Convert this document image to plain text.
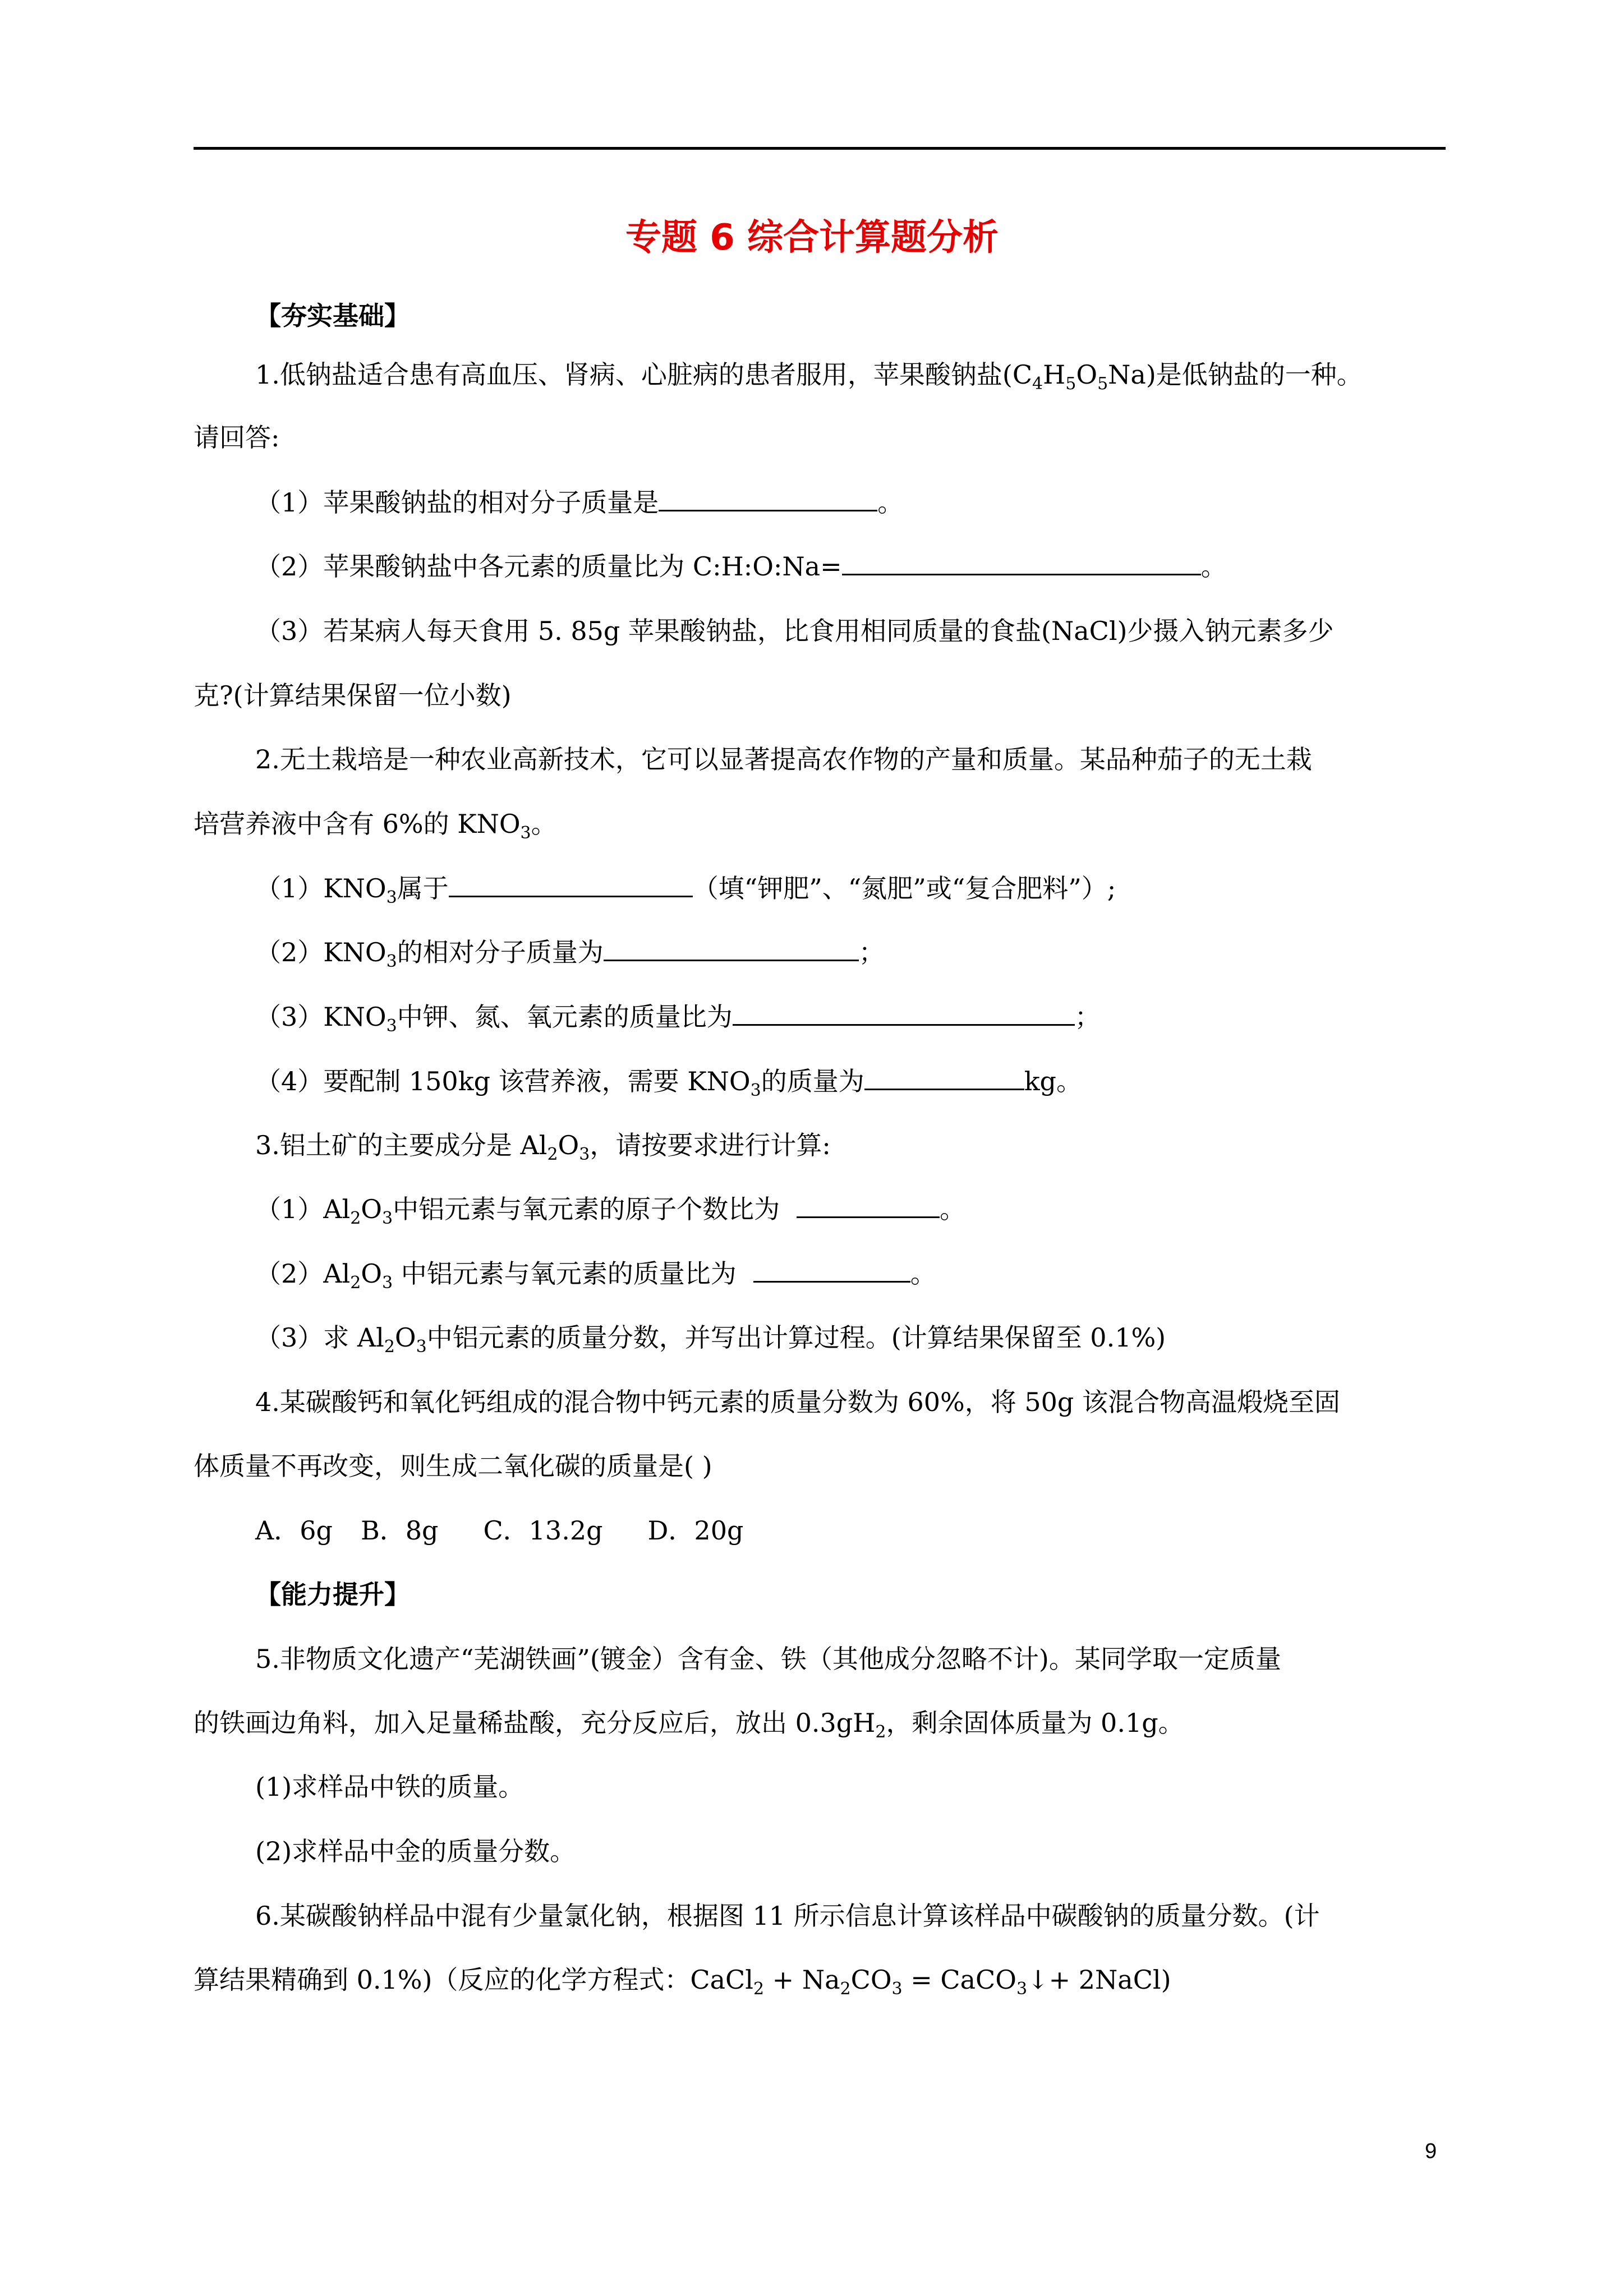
专题 6 综合计算题分析
【夯实基础】
1.低钠盐适合患有高血压、肾病、心脏病的患者服用，苹果酸钠盐$(C_4H_5O_5Na)$是低钠盐的一种。
请回答:
（1）苹果酸钠盐的相对分子质量是	。
（2）苹果酸钠盐中各元素的质量比为 C:H:O:Na=	。
（3）若某病人每天食用 5. 85g 苹果酸钠盐，比食用相同质量的食盐(NaCl)少摄入钠元素多少
克?(计算结果保留一位小数)
2.无土栽培是一种农业高新技术，它可以显著提高农作物的产量和质量。某品种茄子的无土栽
培营养液中含有 6%的 $KNO_3$。
$(1)KNO_3$属于	（填“钾肥”、“氮肥”或“复合肥料”）;
$(2)KNO_3$的相对分子质量为	；
$(3)KNO_3$中钾、氮、氧元素的质量比为	；
（4）要配制 150kg 该营养液，需要 $KNO_3$的质量为	kg。
3.铝土矿的主要成分是 $Al_2O_3$，请按要求进行计算:
$(1)Al_2O_3$中铝元素与氧元素的原子个数比为	。
$(2)Al_2O_3$ 中铝元素与氧元素的质量比为	。
（3）求 $Al_2O_3$中铝元素的质量分数，并写出计算过程。(计算结果保留至 0.1%)
4.某碳酸钙和氧化钙组成的混合物中钙元素的质量分数为 60%，将 50g 该混合物高温煅烧至固
体质量不再改变，则生成二氧化碳的质量是( )
A．6g B．8g C．13.2g D．20g
【能力提升】
5.非物质文化遗产“芜湖铁画”(镀金）含有金、铁（其他成分忽略不计)。某同学取一定质量
的铁画边角料，加入足量稀盐酸，充分反应后，放出 $0.3gH_2$，剩余固体质量为 0.1g。
(1)求样品中铁的质量。
(2)求样品中金的质量分数。
6.某碳酸钠样品中混有少量氯化钠，根据图 11 所示信息计算该样品中碳酸钠的质量分数。(计
算结果精确到 0.1%)（反应的化学方程式：CaCl$_2$ + $Na_2CO_3$ = CaCO$_3$↓+ 2NaCl)
9
